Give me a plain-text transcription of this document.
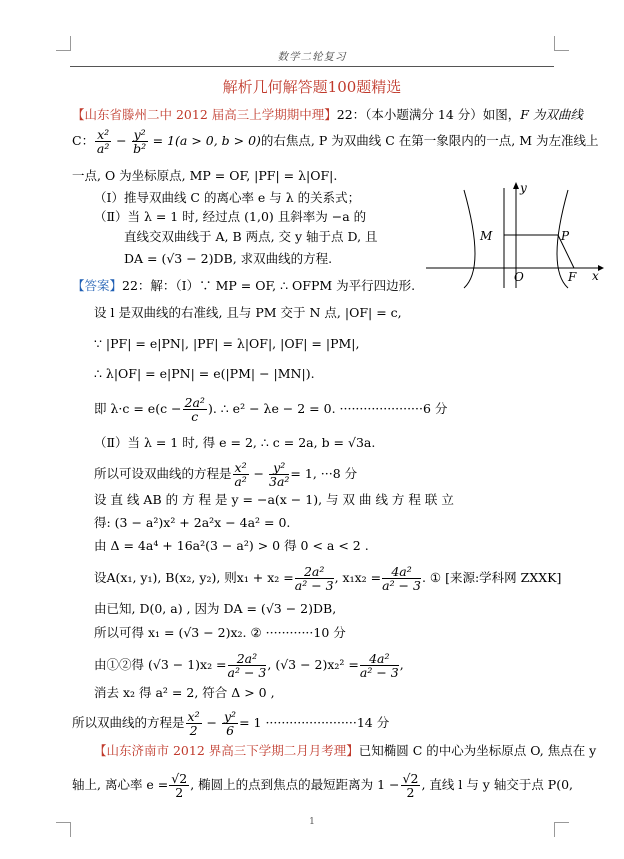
数学二轮复习
解析几何解答题100题精选
【山东省滕州二中 2012 届高三上学期期中理】22：（本小题满分 14 分）如图，F 为双曲线
C： $\frac{\text{x²}}{\text{a²}} - \frac{\text{y²}}{\text{b²}} = 1(a > 0$, b > 0)的右焦点, P 为双曲线 C 在第一象限内的一点, M 为左准线上
一点, O 为坐标原点, MP = OF, |PF| = λ|OF|.
（Ⅰ）推导双曲线 C 的离心率 e 与 λ 的关系式；
（Ⅱ）当 λ = 1 时, 经过点 (1,0) 且斜率为 −a 的
直线交双曲线于 A, B 两点, 交 y 轴于点 D, 且
DA = (√3 − 2)DB, 求双曲线的方程.
y
x
O	F
M	P
【答案】22：解：（Ⅰ）∵ MP = OF, ∴ OFPM 为平行四边形.
设 l 是双曲线的右准线, 且与 PM 交于 N 点, |OF| = c,
∵ |PF| = e|PN|, |PF| = λ|OF|, |OF| = |PM|,
∴ λ|OF| = e|PN| = e(|PM| − |MN|).
即 $\lambda\cdot c = e(c - \frac{\text{2a²}}{c}$ ). ∴ e² − λe − 2 = 0. ·····················6 分
（Ⅱ）当 λ = 1 时, 得 e = 2, ∴ c = 2a, b = √3a.
所以可设双曲线的方程是 $\frac{\text{x²}}{\text{a²}} - \frac{\text{y²}}{\text{3a²}} = 1$, ···8 分
设 直 线 AB 的 方 程 是 y = −a(x − 1), 与 双 曲 线 方 程 联 立
得: (3 − a²)x² + 2a²x − 4a² = 0.
由 Δ = 4a⁴ + 16a²(3 − a²) > 0 得 0 < a < 2 .
设A(x₁, y₁), B(x₂, y₂), 则$x_1 + x_2 = \frac{\text{2a²}}{\text{a² − 3}}$ , $x_1x_2 = \frac{\text{4a²}}{\text{a² − 3}}$ . ① [来源:学科网 ZXXK]
由已知, D(0, a) , 因为 DA = (√3 − 2)DB,
所以可得 x₁ = (√3 − 2)x₂. ② ············10 分
由①②得 $(√3 - 1)x_2 = \frac{\text{2a²}}{\text{a² − 3}}$ , $(√3 - 2)x_2^2 = \frac{\text{4a²}}{\text{a² − 3}}$ ,
消去 x₂ 得 a² = 2, 符合 Δ > 0 ,
所以双曲线的方程是 $\frac{\text{x²}}{2} - \frac{\text{y²}}{6} = 1 \cdot\cdot\cdot\cdot\cdot\cdot\cdot\cdot\cdot\cdot\cdot\cdot\cdot\cdot\cdot\cdot\cdot\cdot\cdot\cdot\cdot\cdot\cdot 14$ 分
【山东济南市 2012 界高三下学期二月月考理】已知椭圆 C 的中心为坐标原点 O, 焦点在 y
轴上, 离心率 $e = \frac{√2}{2}$ , 椭圆上的点到焦点的最短距离为 $1 - \frac{√2}{2}$ , 直线 l 与 y 轴交于点 P(0,
1
